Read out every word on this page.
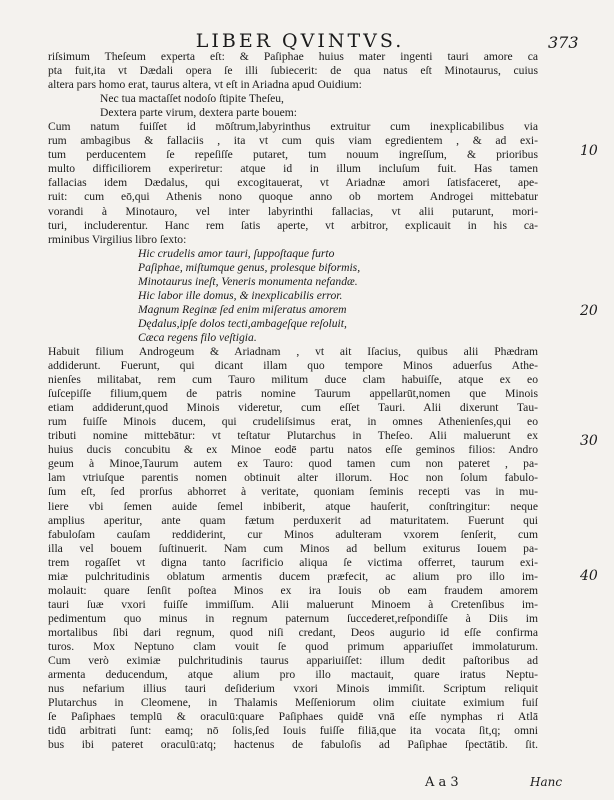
LIBER QVINTVS.	373
riſsimum Theſeum experta eſt: & Paſiphae huius mater ingenti tauri amore ca
pta fuit,ita vt Dædali opera ſe illi ſubiecerit: de qua natus eſt Minotaurus, cuius
altera pars homo erat, taurus altera, vt eſt in Ariadna apud Ouidium:
Nec tua mactaſſet nodoſo ſtipite Theſeu,
Dextera parte virum, dextera parte bouem:
Cum natum fuiſſet id mōſtrum,labyrinthus extruitur cum inexplicabilibus via
rum ambagibus & fallaciis , ita vt cum quis viam egredientem , & ad exi-
tum perducentem ſe repeſiſſe putaret, tum nouum ingreſſum, & prioribus
multo difficiliorem experiretur: atque id in illum incluſum fuit. Has tamen
fallacias idem Dædalus, qui excogitauerat, vt Ariadnæ amori ſatisfaceret, ape-
ruit: cum eō,qui Athenis nono quoque anno ob mortem Androgei mittebatur
vorandi à Minotauro, vel inter labyrinthi fallacias, vt alii putarunt, mori-
turi, includerentur. Hanc rem ſatis aperte, vt arbitror, explicauit in his ca-
rminibus Virgilius libro ſexto:
Hic crudelis amor tauri, ſuppoſtaque furto
Paſiphae, miſtumque genus, prolesque biformis,
Minotaurus ineſt, Veneris monumenta nefandæ.
Hic labor ille domus, & inexplicabilis error.
Magnum Reginæ ſed enim miſeratus amorem
Dędalus,ipſe dolos tecti,ambageſque reſoluit,
Cæca regens filo veſtigia.
Habuit filium Androgeum & Ariadnam , vt ait Iſacius, quibus alii Phædram
addiderunt. Fuerunt, qui dicant illam quo tempore Minos aduerſus Athe-
nienſes militabat, rem cum Tauro militum duce clam habuiſſe, atque ex eo
ſuſcepiſſe filium,quem de patris nomine Taurum appellarūt,nomen que Minois
etiam addiderunt,quod Minois videretur, cum eſſet Tauri. Alii dixerunt Tau-
rum fuiſſe Minois ducem, qui crudeliſsimus erat, in omnes Athenienſes,qui eo
tributi nomine mittebātur: vt teſtatur Plutarchus in Theſeo. Alii maluerunt ex
huius ducis concubitu & ex Minoe eodē partu natos eſſe geminos filios: Andro
geum à Minoe,Taurum autem ex Tauro: quod tamen cum non pateret , pa-
lam vtriuſque parentis nomen obtinuit alter illorum. Hoc non ſolum fabulo-
ſum eſt, ſed prorſus abhorret à veritate, quoniam ſeminis recepti vas in mu-
liere vbi ſemen auide ſemel inbiberit, atque hauſerit, conſtringitur: neque
amplius aperitur, ante quam fætum perduxerit ad maturitatem. Fuerunt qui
fabuloſam cauſam reddiderint, cur Minos adulteram vxorem ſenſerit, cum
illa vel bouem ſuſtinuerit. Nam cum Minos ad bellum exiturus Iouem pa-
trem rogaſſet vt digna tanto ſacrificio aliqua ſe victima offerret, taurum exi-
miæ pulchritudinis oblatum armentis ducem præfecit, ac alium pro illo im-
molauit: quare ſenſit poſtea Minos ex ira Iouis ob eam fraudem amorem
tauri ſuæ vxori fuiſſe immiſſum. Alii maluerunt Minoem à Cretenſibus im-
pedimentum quo minus in regnum paternum ſuccederet,reſpondiſſe à Diis im
mortalibus ſibi dari regnum, quod niſi credant, Deos augurio id eſſe confirma
turos. Mox Neptuno clam vouit ſe quod primum appariuſſet immolaturum.
Cum verò eximiæ pulchritudinis taurus appariuiſſet: illum dedit paſtoribus ad
armenta deducendum, atque alium pro illo mactauit, quare iratus Neptu-
nus nefarium illius tauri deſiderium vxori Minois immiſit. Scriptum reliquit
Plutarchus in Cleomene, in Thalamis Meſſeniorum olim ciuitate eximium fuiſ
ſe Paſiphaes templū & oraculū:quare Paſiphaes quidē vnā eſſe nymphas ri Atlā
tidū arbitrati ſunt: eamq; nō ſolis,ſed Iouis fuiſſe filiā,que ita vocata ſit,q; omni
bus ibi pateret oraculū:atq; hactenus de fabuloſis ad Paſiphae ſpectātib. ſit.
10
20
30
40
A a 3	Hanc
